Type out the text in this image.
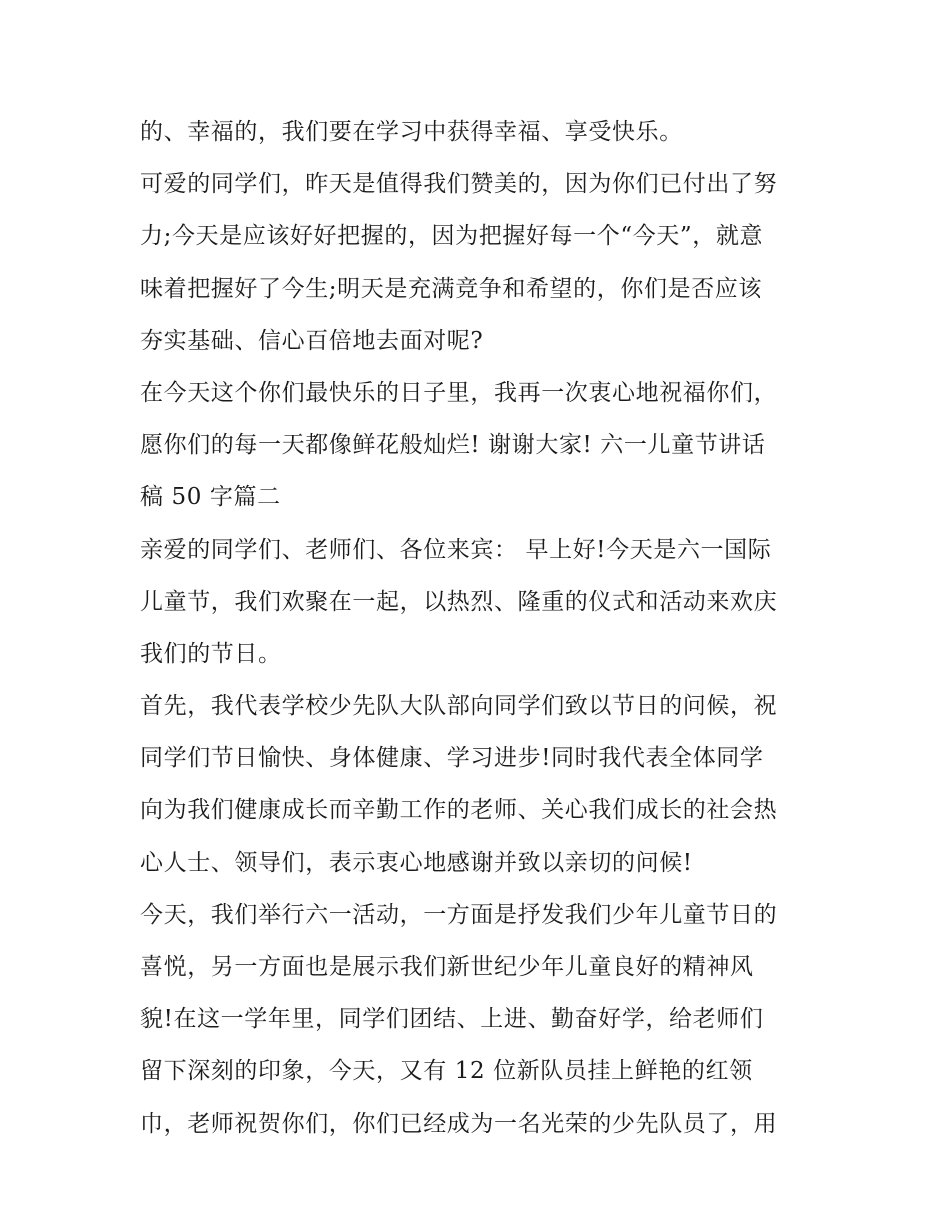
的、幸福的，我们要在学习中获得幸福、享受快乐。
可爱的同学们，昨天是值得我们赞美的，因为你们已付出了努
力;今天是应该好好把握的，因为把握好每一个“今天”，就意
味着把握好了今生;明天是充满竞争和希望的，你们是否应该
夯实基础、信心百倍地去面对呢?
在今天这个你们最快乐的日子里，我再一次衷心地祝福你们，
愿你们的每一天都像鲜花般灿烂! 谢谢大家! 六一儿童节讲话
稿 50 字篇二
亲爱的同学们、老师们、各位来宾： 早上好!今天是六一国际
儿童节，我们欢聚在一起，以热烈、隆重的仪式和活动来欢庆
我们的节日。
首先，我代表学校少先队大队部向同学们致以节日的问候，祝
同学们节日愉快、身体健康、学习进步!同时我代表全体同学
向为我们健康成长而辛勤工作的老师、关心我们成长的社会热
心人士、领导们，表示衷心地感谢并致以亲切的问候!
今天，我们举行六一活动，一方面是抒发我们少年儿童节日的
喜悦，另一方面也是展示我们新世纪少年儿童良好的精神风
貌!在这一学年里，同学们团结、上进、勤奋好学，给老师们
留下深刻的印象，今天，又有 12 位新队员挂上鲜艳的红领
巾，老师祝贺你们，你们已经成为一名光荣的少先队员了，用
